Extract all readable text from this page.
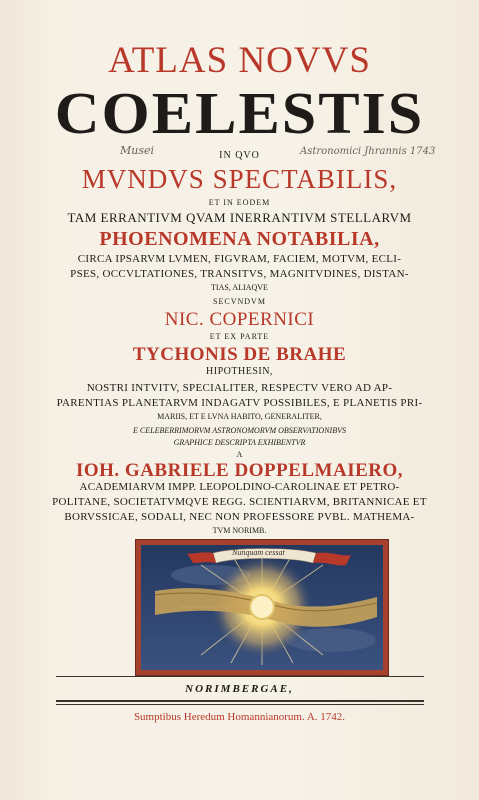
ATLAS NOVVS
COELESTIS
Musei	IN QVO	Astronomici Jhrannis 1743
MVNDVS SPECTABILIS,
ET IN EODEM
TAM ERRANTIVM QVAM INERRANTIVM STELLARVM
PHOENOMENA NOTABILIA,
CIRCA IPSARVM LVMEN, FIGVRAM, FACIEM, MOTVM, ECLI-
PSES, OCCVLTATIONES, TRANSITVS, MAGNITVDINES, DISTAN-
TIAS, ALIAQVE
SECVNDVM
NIC. COPERNICI
ET EX PARTE
TYCHONIS DE BRAHE
HIPOTHESIN,
NOSTRI INTVITV, SPECIALITER, RESPECTV VERO AD AP-
PARENTIAS PLANETARVM INDAGATV POSSIBILES, E PLANETIS PRI-
MARIIS, ET E LVNA HABITO, GENERALITER,
E CELEBERRIMORVM ASTRONOMORVM OBSERVATIONIBVS
GRAPHICE DESCRIPTA EXHIBENTVR
A
IOH. GABRIELE DOPPELMAIERO,
ACADEMIARVM IMPP. LEOPOLDINO-CAROLINAE ET PETRO-
POLITANE, SOCIETATVMQVE REGG. SCIENTIARVM, BRITANNICAE ET
BORVSSICAE, SODALI, NEC NON PROFESSORE PVBL. MATHEMA-
TVM NORIMB.
Nunquam cessat
NORIMBERGAE,
Sumptibus Heredum Homannianorum. A. 1742.
